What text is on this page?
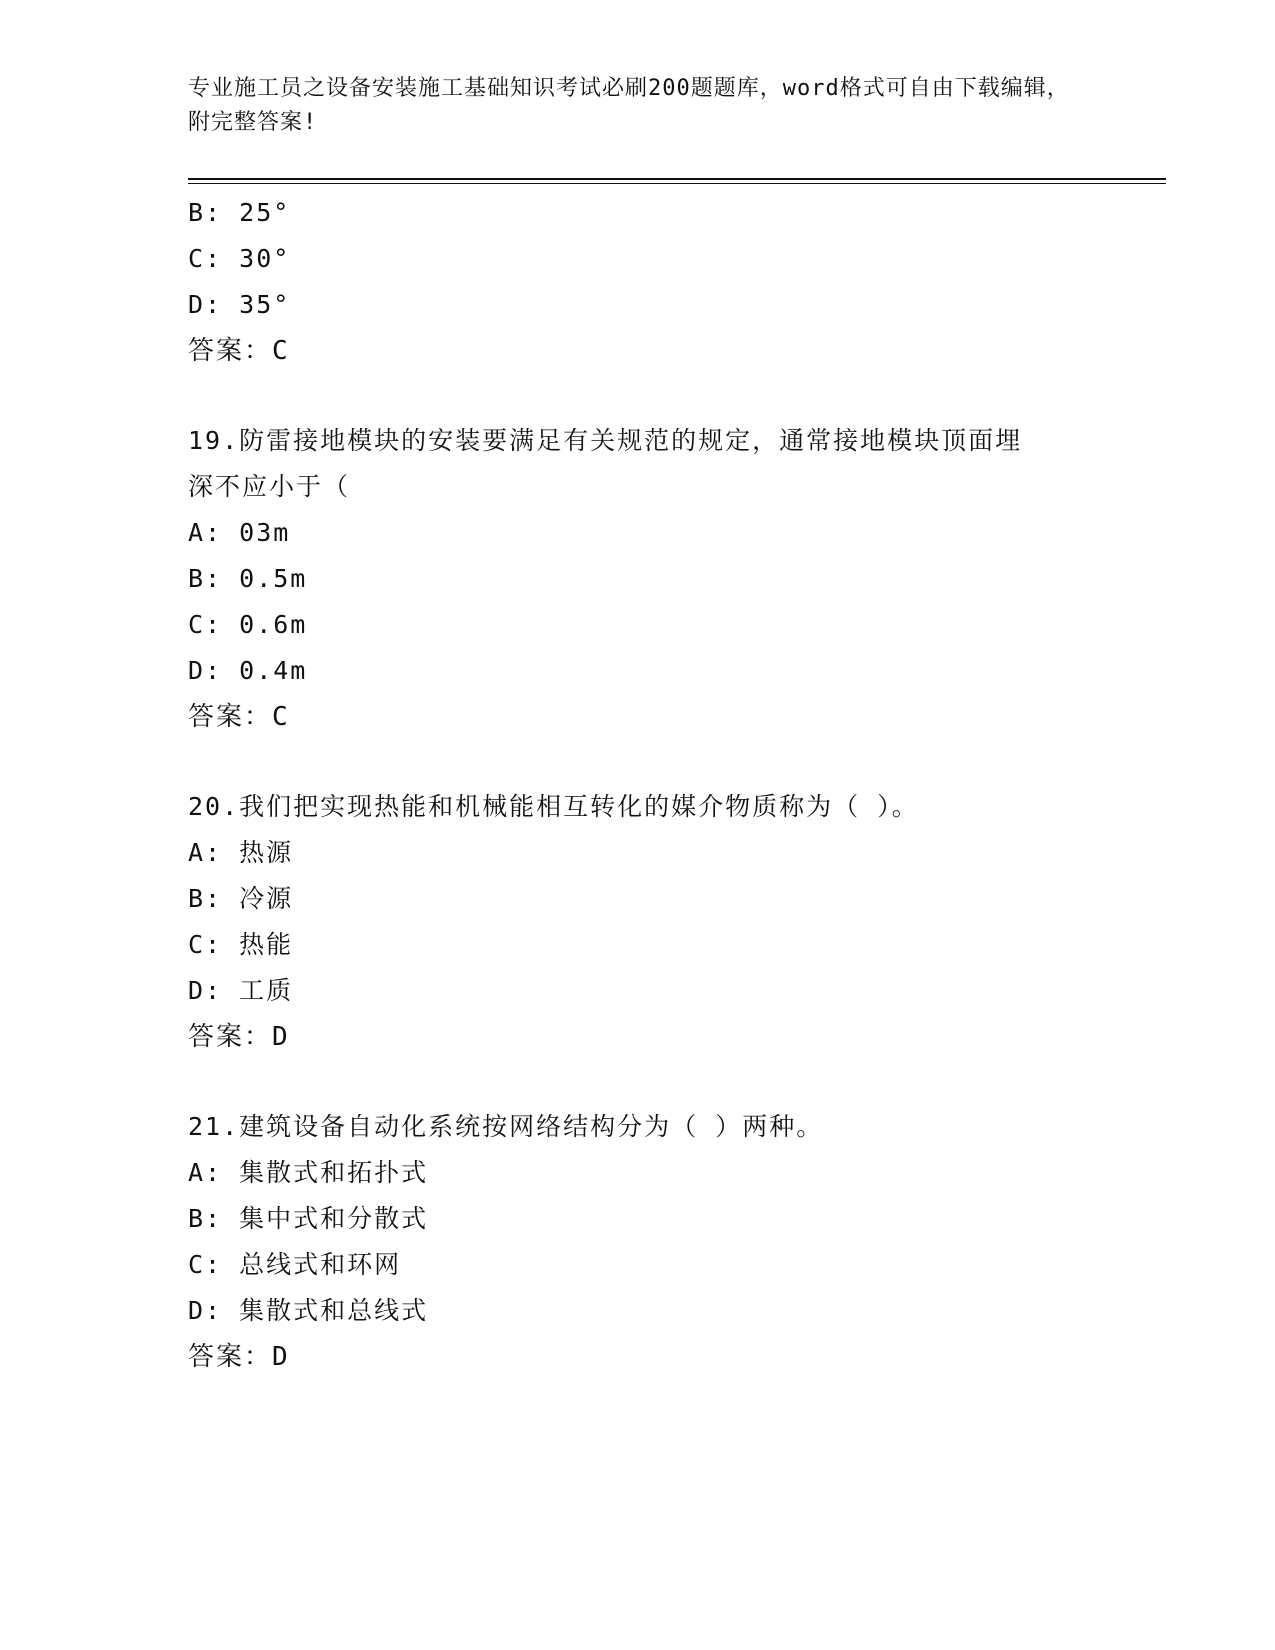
专业施工员之设备安装施工基础知识考试必刷200题题库，word格式可自由下载编辑，附完整答案!
B: 25°
C: 30°
D: 35°
答案：C
19.防雷接地模块的安装要满足有关规范的规定，通常接地模块顶面埋深不应小于（
A: 03m
B: 0.5m
C: 0.6m
D: 0.4m
答案：C
20.我们把实现热能和机械能相互转化的媒介物质称为（ ）。
A: 热源
B: 冷源
C: 热能
D: 工质
答案：D
21.建筑设备自动化系统按网络结构分为（ ）两种。
A: 集散式和拓扑式
B: 集中式和分散式
C: 总线式和环网
D: 集散式和总线式
答案：D
